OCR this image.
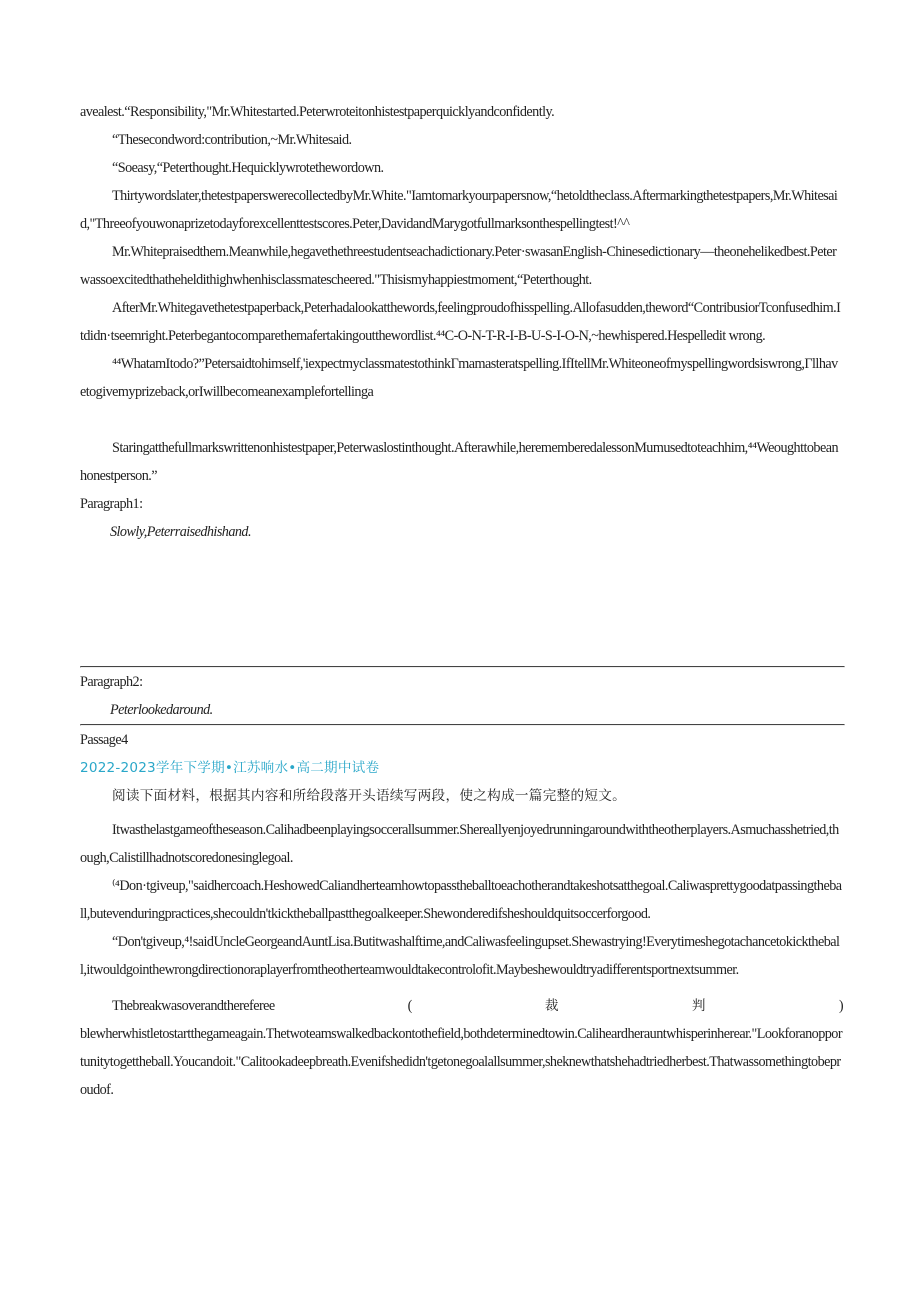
avealest.“Responsibility,"Mr.Whitestarted.Peterwroteitonhistestpaperquicklyandconfidently.

“Thesecondword:contribution,~Mr.Whitesaid.

“Soeasy,“Peterthought.Hequicklywrotethewordown.

Thirtywordslater,thetestpaperswerecollectedbyMr.White."Iamtomarkyourpapersnow,“hetoldtheclass.Aftermarkingthetestpapers,Mr.Whitesaid,"Threeofyouwonaprizetodayforexcellenttestscores.Peter,DavidandMarygotfullmarksonthespellingtest!^^

Mr.Whitepraisedthem.Meanwhile,hegavethethreestudentseachadictionary.Peter·swasanEnglish-Chinesedictionary—theonehelikedbest.Peterwassoexcitedthatheheldithighwhenhisclassmatescheered."Thisismyhappiestmoment,“Peterthought.

AfterMr.Whitegavethetestpaperback,Peterhadalookatthewords,feelingproudofhisspelling.Allofasudden,theword“ContribusiorTconfusedhim.Itdidn·tseemright.Peterbegantocomparethemafertakingoutthewordlist.⁴⁴C-O-N-T-R-I-B-U-S-I-O-N,~hewhispered.Hespelledit wrong.

⁴⁴WhatamItodo?”Petersaidtohimself,'iexpectmyclassmatestothinkΓmamasteratspelling.IfItellMr.Whiteoneofmyspellingwordsiswrong,Γllhavetogivemyprizeback,orIwillbecomeanexamplefortellinga

Staringatthefullmarkswrittenonhistestpaper,Peterwaslostinthought.Afterawhile,herememberedalessonMumusedtoteachhim,⁴⁴Weoughttobeanhonestperson.”

Paragraph1:

Slowly,Peterraisedhishand.

Paragraph2:

Peterlookedaround.

Passage4

2022-2023学年下学期•江苏响水•高二期中试卷

阅读下面材料，根据其内容和所给段落开头语续写两段，使之构成一篇完整的短文。

Itwasthelastgameoftheseason.Calihadbeenplayingsoccerallsummer.Shereallyenjoyedrunningaroundwiththeotherplayers.Asmuchasshetried,though,Calistillhadnotscoredonesinglegoal.

⁽⁴Don·tgiveup,"saidhercoach.HeshowedCaliandherteamhowtopasstheballtoeachotherandtakeshotsatthegoal.Caliwasprettygoodatpassingtheball,butevenduringpractices,shecouldn'tkicktheballpastthegoalkeeper.Shewonderedifsheshouldquitsoccerforgood.

“Don'tgiveup,⁴!saidUncleGeorgeandAuntLisa.Butitwashalftime,andCaliwasfeelingupset.Shewastrying!Everytimeshegotachancetokicktheball,itwouldgointhewrongdirectionoraplayerfromtheotherteamwouldtakecontrolofit.Maybeshewouldtryadifferentsportnextsummer.

Thebreakwasoverandthereferee	(	裁	判	)

blewherwhistletostartthegameagain.Thetwoteamswalkedbackontothefield,bothdeterminedtowin.Caliheardherauntwhisperinherear."Lookforanopportunitytogettheball.Youcandoit."Calitookadeepbreath.Evenifshedidn'tgetonegoalallsummer,sheknewthatshehadtriedherbest.Thatwassomethingtobeproudof.
